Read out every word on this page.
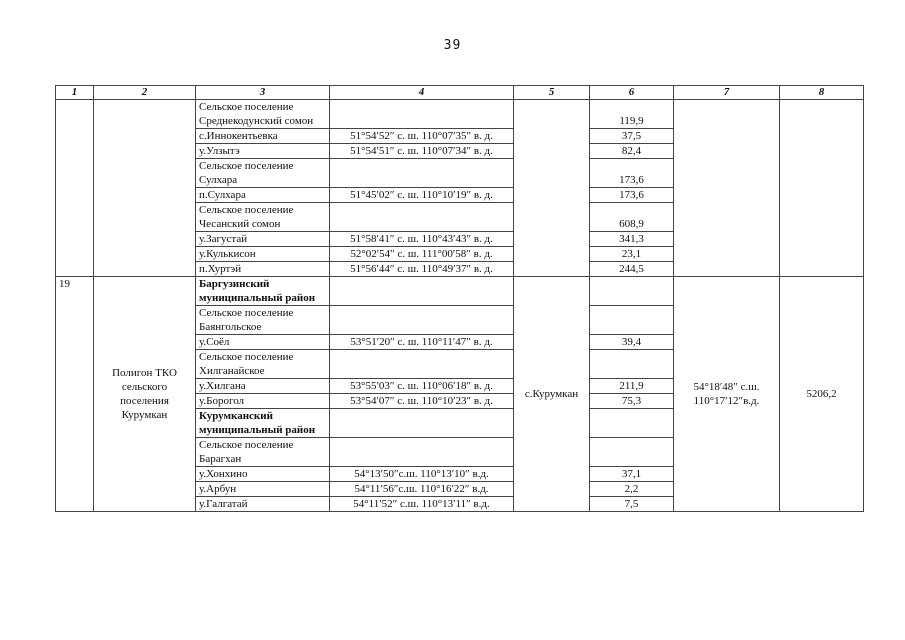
39
1	2	3	4	5	6	7	8
		Сельское поселение Среднекодунский сомон			119,9		
		с.Иннокентьевка	51°54′52″ с. ш. 110°07′35″ в. д.		37,5		
		у.Улзытэ	51°54′51″ с. ш. 110°07′34″ в. д.		82,4		
		Сельское поселение Сулхара			173,6		
		п.Сулхара	51°45′02″ с. ш. 110°10′19″ в. д.		173,6		
		Сельское поселение Чесанский сомон			608,9		
		у.Загустай	51°58′41″ с. ш. 110°43′43″ в. д.		341,3		
		у.Кулькисон	52°02′54″ с. ш. 111°00′58″ в. д.		23,1		
		п.Хуртэй	51°56′44″ с. ш. 110°49′37″ в. д.		244,5		
19	Полигон ТКО сельского поселения Курумкан	Баргузинский муниципальный район		с.Курумкан		54°18′48″ с.ш. 110°17′12″в.д.	5206,2
		Сельское поселение Баянгольское					
		у.Соёл	53°51′20″ с. ш. 110°11′47″ в. д.		39,4		
		Сельское поселение Хилганайское					
		у.Хилгана	53°55′03″ с. ш. 110°06′18″ в. д.		211,9		
		у.Борогол	53°54′07″ с. ш. 110°10′23″ в. д.		75,3		
		Курумканский муниципальный район					
		Сельское поселение Барагхан					
		у.Хонхино	54°13′50″с.ш. 110°13′10″ в.д.		37,1		
		у.Арбун	54°11′56″с.ш. 110°16′22″ в.д.		2,2		
		у.Галгатай	54°11′52″ с.ш. 110°13′11″ в.д.		7,5		
